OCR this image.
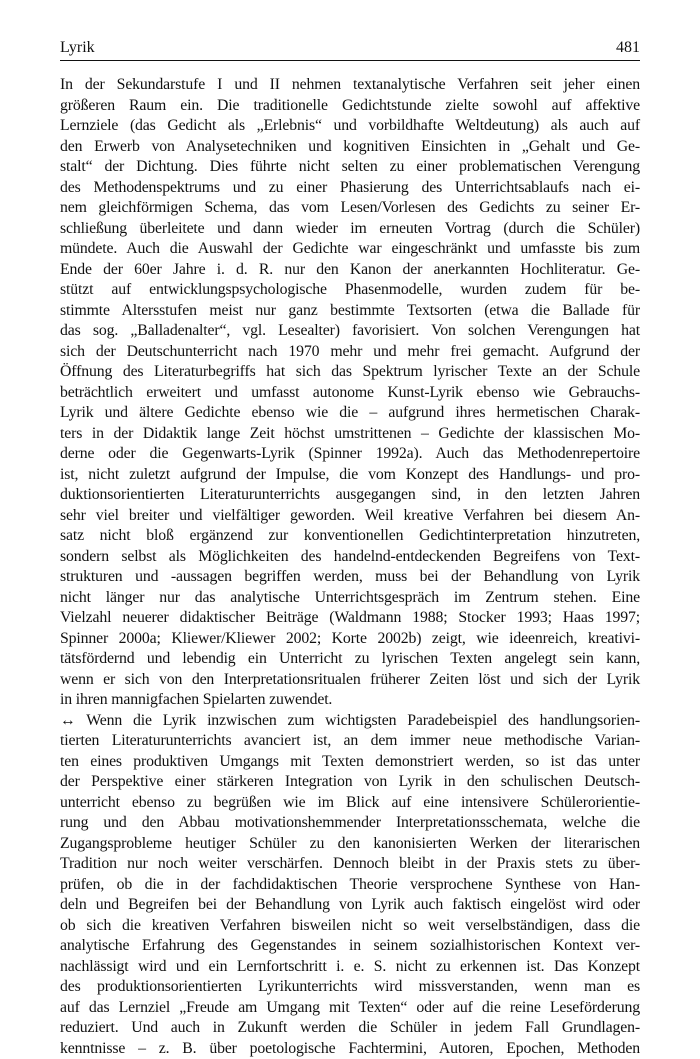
Lyrik	481
In der Sekundarstufe I und II nehmen textanalytische Verfahren seit jeher einen
größeren Raum ein. Die traditionelle Gedichtstunde zielte sowohl auf affektive
Lernziele (das Gedicht als „Erlebnis“ und vorbildhafte Weltdeutung) als auch auf
den Erwerb von Analysetechniken und kognitiven Einsichten in „Gehalt und Ge-
stalt“ der Dichtung. Dies führte nicht selten zu einer problematischen Verengung
des Methodenspektrums und zu einer Phasierung des Unterrichtsablaufs nach ei-
nem gleichförmigen Schema, das vom Lesen/Vorlesen des Gedichts zu seiner Er-
schließung überleitete und dann wieder im erneuten Vortrag (durch die Schüler)
mündete. Auch die Auswahl der Gedichte war eingeschränkt und umfasste bis zum
Ende der 60er Jahre i. d. R. nur den Kanon der anerkannten Hochliteratur. Ge-
stützt auf entwicklungspsychologische Phasenmodelle, wurden zudem für be-
stimmte Altersstufen meist nur ganz bestimmte Textsorten (etwa die Ballade für
das sog. „Balladenalter“, vgl. Lesealter) favorisiert. Von solchen Verengungen hat
sich der Deutschunterricht nach 1970 mehr und mehr frei gemacht. Aufgrund der
Öffnung des Literaturbegriffs hat sich das Spektrum lyrischer Texte an der Schule
beträchtlich erweitert und umfasst autonome Kunst-Lyrik ebenso wie Gebrauchs-
Lyrik und ältere Gedichte ebenso wie die – aufgrund ihres hermetischen Charak-
ters in der Didaktik lange Zeit höchst umstrittenen – Gedichte der klassischen Mo-
derne oder die Gegenwarts-Lyrik (Spinner 1992a). Auch das Methodenrepertoire
ist, nicht zuletzt aufgrund der Impulse, die vom Konzept des Handlungs- und pro-
duktionsorientierten Literaturunterrichts ausgegangen sind, in den letzten Jahren
sehr viel breiter und vielfältiger geworden. Weil kreative Verfahren bei diesem An-
satz nicht bloß ergänzend zur konventionellen Gedichtinterpretation hinzutreten,
sondern selbst als Möglichkeiten des handelnd-entdeckenden Begreifens von Text-
strukturen und -aussagen begriffen werden, muss bei der Behandlung von Lyrik
nicht länger nur das analytische Unterrichtsgespräch im Zentrum stehen. Eine
Vielzahl neuerer didaktischer Beiträge (Waldmann 1988; Stocker 1993; Haas 1997;
Spinner 2000a; Kliewer/Kliewer 2002; Korte 2002b) zeigt, wie ideenreich, kreativi-
tätsfördernd und lebendig ein Unterricht zu lyrischen Texten angelegt sein kann,
wenn er sich von den Interpretationsritualen früherer Zeiten löst und sich der Lyrik
in ihren mannigfachen Spielarten zuwendet.
↔ Wenn die Lyrik inzwischen zum wichtigsten Paradebeispiel des handlungsorien-
tierten Literaturunterrichts avanciert ist, an dem immer neue methodische Varian-
ten eines produktiven Umgangs mit Texten demonstriert werden, so ist das unter
der Perspektive einer stärkeren Integration von Lyrik in den schulischen Deutsch-
unterricht ebenso zu begrüßen wie im Blick auf eine intensivere Schülerorientie-
rung und den Abbau motivationshemmender Interpretationsschemata, welche die
Zugangsprobleme heutiger Schüler zu den kanonisierten Werken der literarischen
Tradition nur noch weiter verschärfen. Dennoch bleibt in der Praxis stets zu über-
prüfen, ob die in der fachdidaktischen Theorie versprochene Synthese von Han-
deln und Begreifen bei der Behandlung von Lyrik auch faktisch eingelöst wird oder
ob sich die kreativen Verfahren bisweilen nicht so weit verselbständigen, dass die
analytische Erfahrung des Gegenstandes in seinem sozialhistorischen Kontext ver-
nachlässigt wird und ein Lernfortschritt i. e. S. nicht zu erkennen ist. Das Konzept
des produktionsorientierten Lyrikunterrichts wird missverstanden, wenn man es
auf das Lernziel „Freude am Umgang mit Texten“ oder auf die reine Leseförderung
reduziert. Und auch in Zukunft werden die Schüler in jedem Fall Grundlagen-
kenntnisse – z. B. über poetologische Fachtermini, Autoren, Epochen, Methoden
